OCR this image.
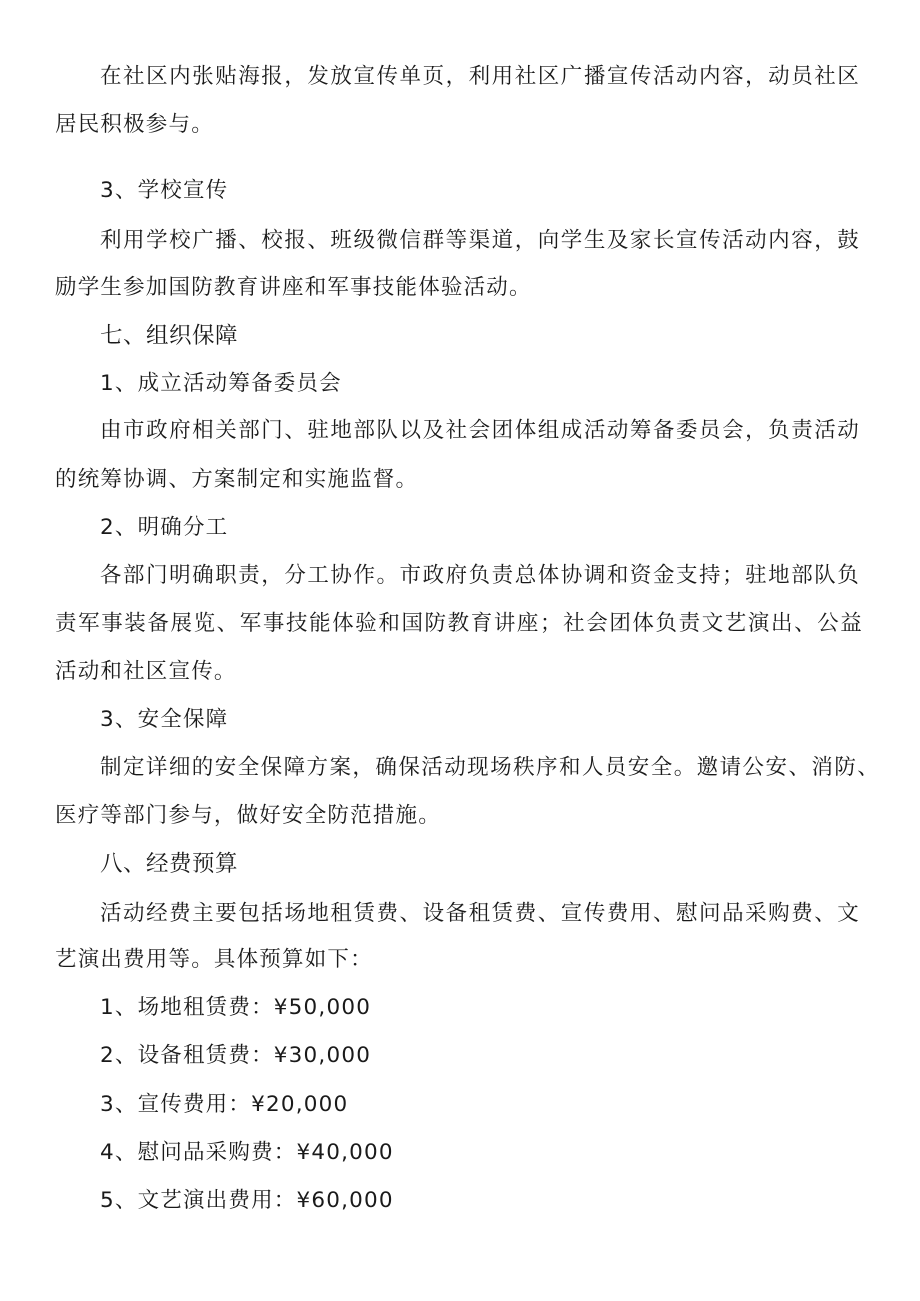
在社区内张贴海报，发放宣传单页，利用社区广播宣传活动内容，动员社区
居民积极参与。
3、学校宣传
利用学校广播、校报、班级微信群等渠道，向学生及家长宣传活动内容，鼓
励学生参加国防教育讲座和军事技能体验活动。
七、组织保障
1、成立活动筹备委员会
由市政府相关部门、驻地部队以及社会团体组成活动筹备委员会，负责活动
的统筹协调、方案制定和实施监督。
2、明确分工
各部门明确职责，分工协作。市政府负责总体协调和资金支持；驻地部队负
责军事装备展览、军事技能体验和国防教育讲座；社会团体负责文艺演出、公益
活动和社区宣传。
3、安全保障
制定详细的安全保障方案，确保活动现场秩序和人员安全。邀请公安、消防、
医疗等部门参与，做好安全防范措施。
八、经费预算
活动经费主要包括场地租赁费、设备租赁费、宣传费用、慰问品采购费、文
艺演出费用等。具体预算如下：
1、场地租赁费：¥50,000
2、设备租赁费：¥30,000
3、宣传费用：¥20,000
4、慰问品采购费：¥40,000
5、文艺演出费用：¥60,000
